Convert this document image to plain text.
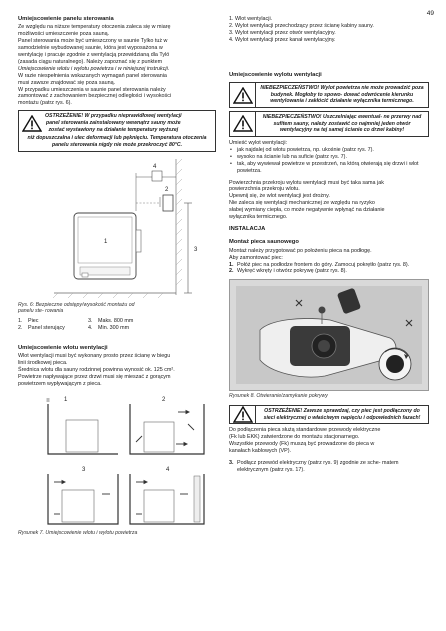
49
Umiejscowienie panelu sterowania

Ze względu na niższe temperatury otoczenia zaleca się w miarę

możliwości umieszczenie poza sauną.

Panel sterowania może być umieszczony w saunie Tylko tuż w

samodzielnie wybudowanej saunie, która jest wyposażona w

wentylację i pracuje zgodnie z wentylacją przewidzianą dla Tylö

(zasada ciągu naturalnego). Należy zapoznać się z punktem

Umiejscowienie wlotu i wylotu powietrza i w niniejszej instrukcji.

W razie niespełnienia wskazanych wymagań panel sterowania

musi zawsze znajdować się poza sauną.

W przypadku umieszczenia w saunie panel sterowania należy

zamontować z zachowaniem bezpiecznej odległości i wysokości

montażu (patrz rys. 6).

OSTRZEŻENIE! W przypadku nieprawidłowej wentylacji
panel sterowania zainstalowany wewnątrz sauny może
zostać wystawiony na działanie temperatury wyższej
niż dopuszczalna i ulec deformacji lub pęknięciu. Temperatura otoczenia panelu sterowania nigdy nie może przekroczyć 80°C.
4
2
1
3
Rys. 6: Bezpieczne odstępy/wysokość montażu od panelu ste- rowania
1.	Piec	3.	Maks. 800 mm
2.	Panel sterujący	4.	Min. 300 mm
Umiejscowienie wlotu wentylacji

Wlot wentylacji musi być wykonany prosto przez ścianę w biegu

linii środkowej pieca.

Średnica wlotu dla sauny rodzinnej powinna wynosić ok. 125 cm².

Powietrze napływające przez drzwi musi się mieszać z gorącym

powietrzem wypływającym z pieca.

1	2
3	4
Rysunek 7. Umiejscowienie wlotu i wylotu powietrza

1. Wlot wentylacji.

2. Wylot wentylacji przechodzący przez ścianę kabiny sauny.

3. Wylot wentylacji przez otwór wentylacyjny.

4. Wylot wentylacji przez kanał wentylacyjny.

Umiejscowienie wylotu wentylacji
NIEBEZPIECZEŃSTWO! Wylot powietrza nie może prowadzić poza budynek. Mogłoby to spowo- dować odwrócenie kierunku wentylowania i zakłócić działanie wyłącznika termicznego.
NIEBEZPIECZEŃSTWO! Uszczelniając ewentual- ne przerwy nad sufitem sauny, należy zostawić co najmniej jeden otwór wentylacyjny na tej samej ścianie co drzwi kabiny!

Umieść wylot wentylacji:

• jak najdalej od wlotu powietrza, np. ukośnie (patrz rys. 7).
• wysoko na ścianie lub na suficie (patrz rys. 7).
• tak, aby wywiewał powietrze w przestrzeń, na którą otwierają się drzwi i wlot powietrza.

Powierzchnia przekroju wylotu wentylacji musi być taka sama jak

powierzchnia przekroju wlotu.

Upewnij się, że wlot wentylacji jest drożny.

Nie zaleca się wentylacji mechanicznej ze względu na ryzyko

słabej wymiany ciepła, co może negatywnie wpłynąć na działanie

wyłącznika termicznego.

INSTALACJA
Montaż pieca saunowego

Montaż należy przygotować po położeniu pieca na podłogę.

Aby zamontować piec:

1. Połóż piec na podłodze frontem do góry. Zamocuj pokrętło (patrz rys. 8).
2. Wykręć wkręty i otwórz pokrywę (patrz rys. 8).
Rysunek 8. Otwieranie/zamykanie pokrywy
OSTRZEŻENIE! Zawsze sprawdzaj, czy piec jest podłączony do sieci elektrycznej o właściwym napięciu i odpowiednich fazach!

Do podłączenia pieca służą standardowe przewody elektryczne

(Fk lub EKK) zatwierdzone do montażu stacjonarnego.

Wszystkie przewody (Fk) muszą być prowadzone do pieca w

kanałach kablowych (VP).

3. Podłącz przewód elektryczny (patrz rys. 9) zgodnie ze sche- matem elektrycznym (patrz rys. 17).
